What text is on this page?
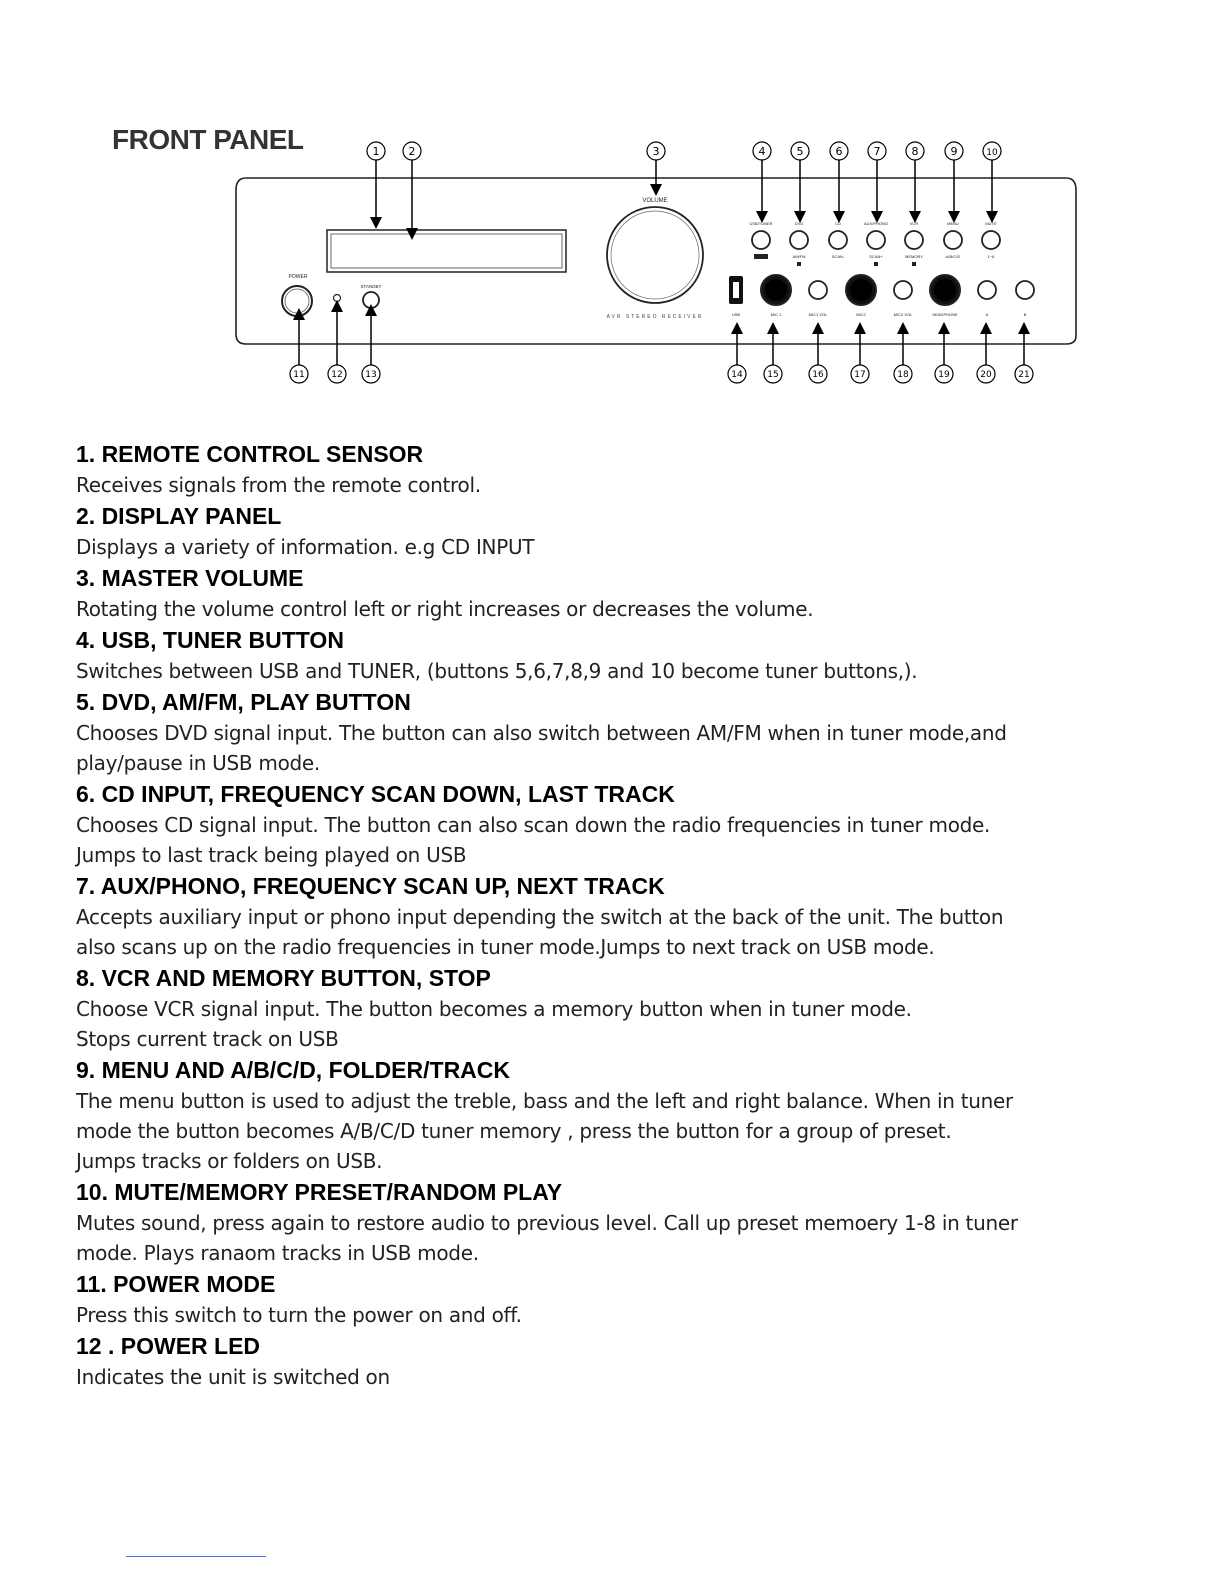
FRONT PANEL
VOLUME
AVR STEREO RECEIVER
POWER
STANDBY
USB/TUNER	DVD	CD	AUX/PHONO	VCR	MENU	MUTE
AM/FM	SCAN-	SCAN+	MEMORY	A/B/C/D	1~8
USB	MIC 1	MIC1 VOL	MIC2	MIC2 VOL	HEADPHONE	A	B
1	2	3	4	5	6	7	8	9	10
11	12	13	14	15	16	17	18	19	20	21
1. REMOTE CONTROL SENSOR

Receives signals from the remote control.

2. DISPLAY PANEL

Displays a variety of information. e.g CD INPUT

3. MASTER VOLUME

Rotating the volume control left or right increases or decreases the volume.

4. USB, TUNER BUTTON

Switches between USB and TUNER, (buttons 5,6,7,8,9 and 10 become tuner buttons,).

5. DVD, AM/FM, PLAY BUTTON

Chooses DVD signal input. The button can also switch between AM/FM when in tuner mode,and

play/pause in USB mode.

6. CD INPUT, FREQUENCY SCAN DOWN, LAST TRACK

Chooses CD signal input. The button can also scan down the radio frequencies in tuner mode.

Jumps to last track being played on USB

7. AUX/PHONO, FREQUENCY SCAN UP, NEXT TRACK

Accepts auxiliary input or phono input depending the switch at the back of the unit. The button

also scans up on the radio frequencies in tuner mode.Jumps to next track on USB mode.

8. VCR AND MEMORY BUTTON, STOP

Choose VCR signal input. The button becomes a memory button when in tuner mode.

Stops current track on USB

9. MENU AND A/B/C/D, FOLDER/TRACK

The menu button is used to adjust the treble, bass and the left and right balance. When in tuner

mode the button becomes A/B/C/D tuner memory , press the button for a group of preset.

Jumps tracks or folders on USB.

10. MUTE/MEMORY PRESET/RANDOM PLAY

Mutes sound, press again to restore audio to previous level. Call up preset memoery 1-8 in tuner

mode. Plays ranaom tracks in USB mode.

11. POWER MODE

Press this switch to turn the power on and off.

12 . POWER LED

Indicates the unit is switched on
